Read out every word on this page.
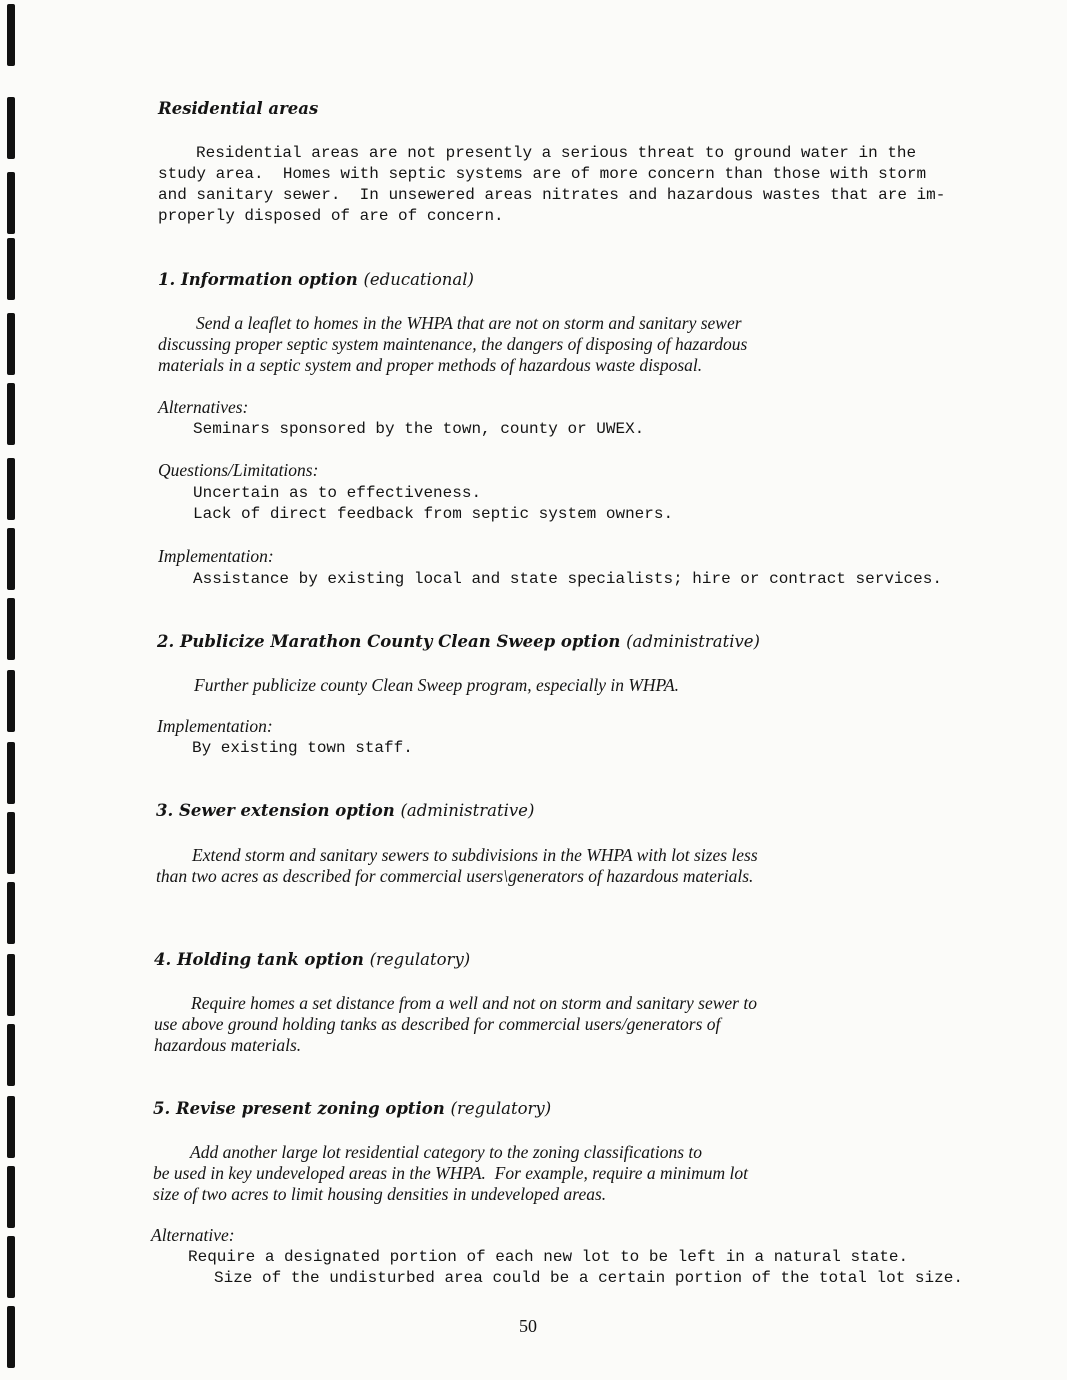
Residential areas
Residential areas are not presently a serious threat to ground water in the
study area.  Homes with septic systems are of more concern than those with storm
and sanitary sewer.  In unsewered areas nitrates and hazardous wastes that are im-
properly disposed of are of concern.
1. Information option (educational)
Send a leaflet to homes in the WHPA that are not on storm and sanitary sewer
discussing proper septic system maintenance, the dangers of disposing of hazardous
materials in a septic system and proper methods of hazardous waste disposal.
Alternatives:
Seminars sponsored by the town, county or UWEX.
Questions/Limitations:
Uncertain as to effectiveness.
Lack of direct feedback from septic system owners.
Implementation:
Assistance by existing local and state specialists; hire or contract services.
2. Publicize Marathon County Clean Sweep option (administrative)
Further publicize county Clean Sweep program, especially in WHPA.
Implementation:
By existing town staff.
3. Sewer extension option (administrative)
Extend storm and sanitary sewers to subdivisions in the WHPA with lot sizes less
than two acres as described for commercial users\generators of hazardous materials.
4. Holding tank option (regulatory)
Require homes a set distance from a well and not on storm and sanitary sewer to
use above ground holding tanks as described for commercial users/generators of
hazardous materials.
5. Revise present zoning option (regulatory)
Add another large lot residential category to the zoning classifications to
be used in key undeveloped areas in the WHPA.  For example, require a minimum lot
size of two acres to limit housing densities in undeveloped areas.
Alternative:
Require a designated portion of each new lot to be left in a natural state.
Size of the undisturbed area could be a certain portion of the total lot size.
50
